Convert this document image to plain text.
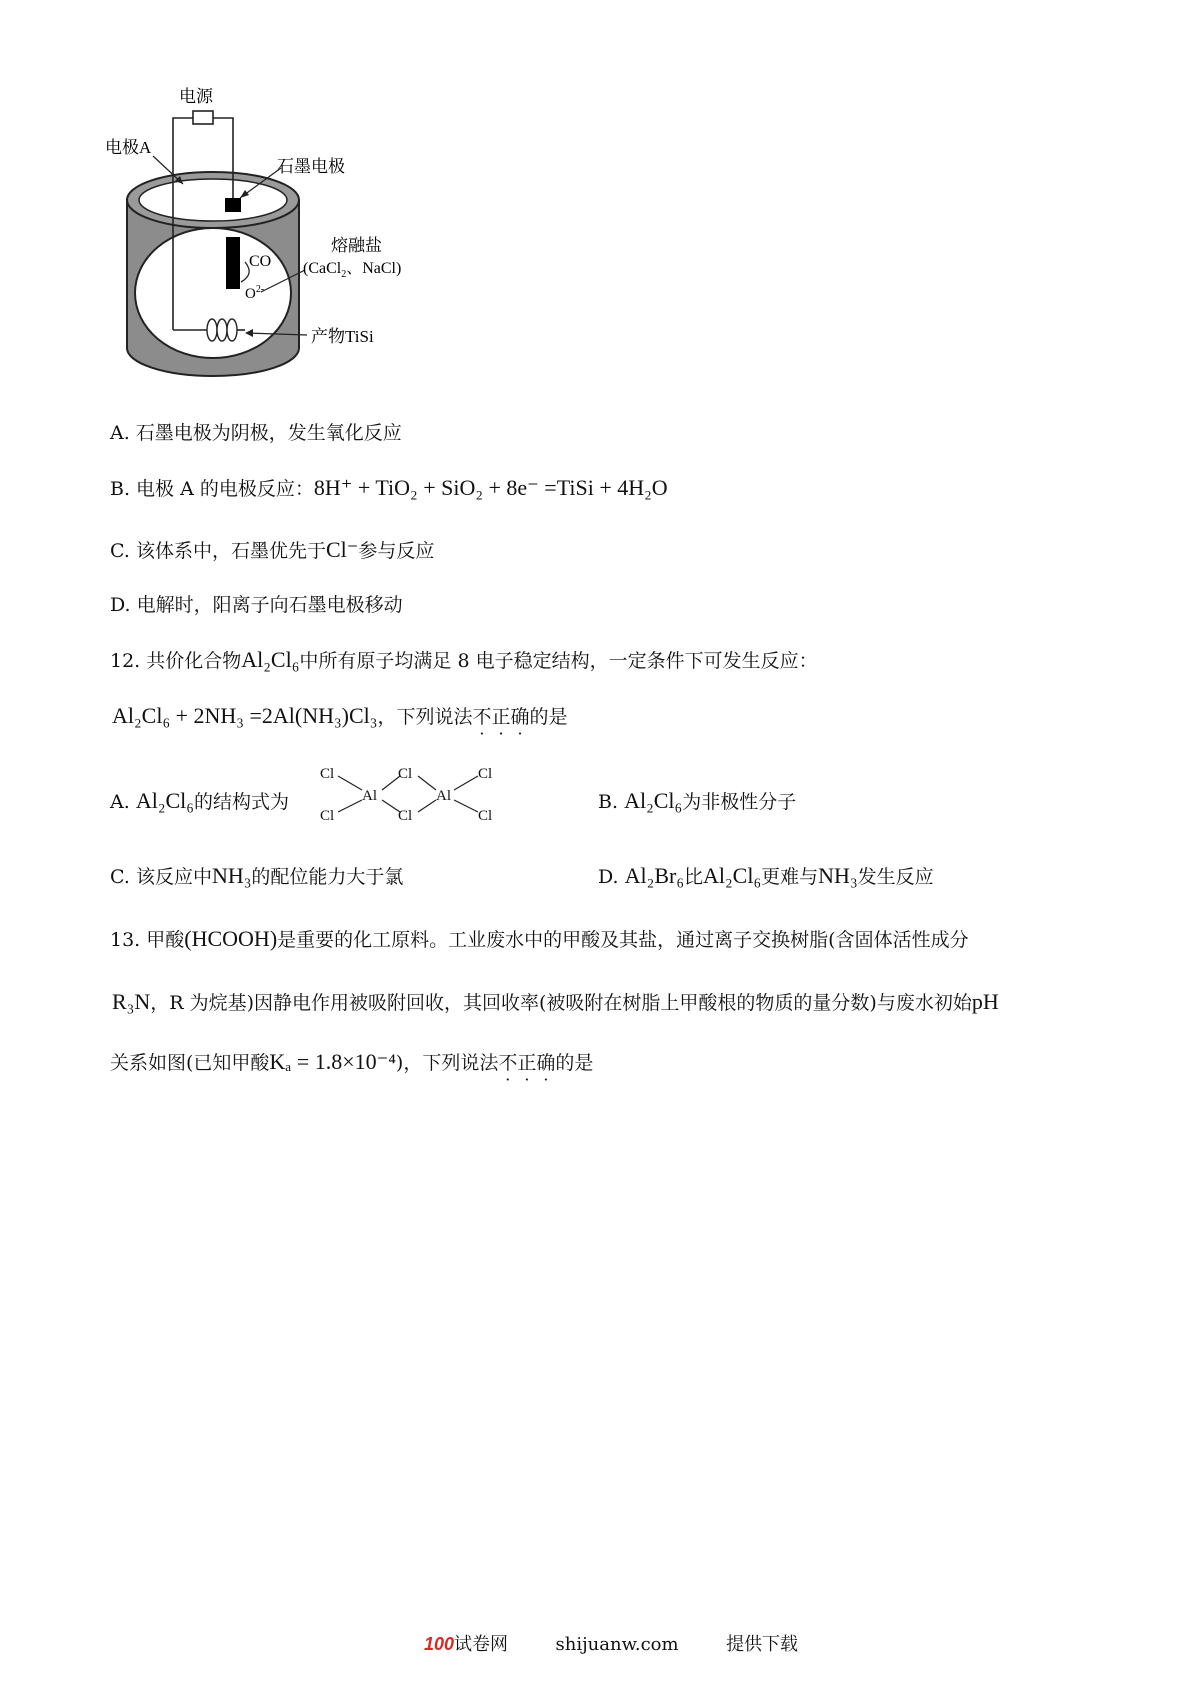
电源
电极A
石墨电极
熔融盐
(CaCl$_2$、NaCl)
CO
$O^{2-}$
产物TiSi
A. 石墨电极为阴极，发生氧化反应
B. 电极 A 的电极反应：8H⁺ + TiO₂ + SiO₂ + 8e⁻ =TiSi + 4H₂O
C. 该体系中，石墨优先于Cl⁻参与反应
D. 电解时，阳离子向石墨电极移动
12. 共价化合物Al₂Cl₆中所有原子均满足 8 电子稳定结构，一定条件下可发生反应：
Al₂Cl₆ + 2NH₃ =2Al(NH₃)Cl₃，下列说法不正确的是
A. Al₂Cl₆的结构式为
Cl
Cl
Al
Cl
Cl
Al
Cl
Cl
B. Al₂Cl₆为非极性分子
C. 该反应中NH₃的配位能力大于氯	D. Al₂Br₆比Al₂Cl₆更难与NH₃发生反应
13. 甲酸(HCOOH)是重要的化工原料。工业废水中的甲酸及其盐，通过离子交换树脂(含固体活性成分
R₃N，R 为烷基)因静电作用被吸附回收，其回收率(被吸附在树脂上甲酸根的物质的量分数)与废水初始pH
关系如图(已知甲酸Kₐ = 1.8×10⁻⁴)，下列说法不正确的是
100试卷网	shijuanw.com	提供下载
